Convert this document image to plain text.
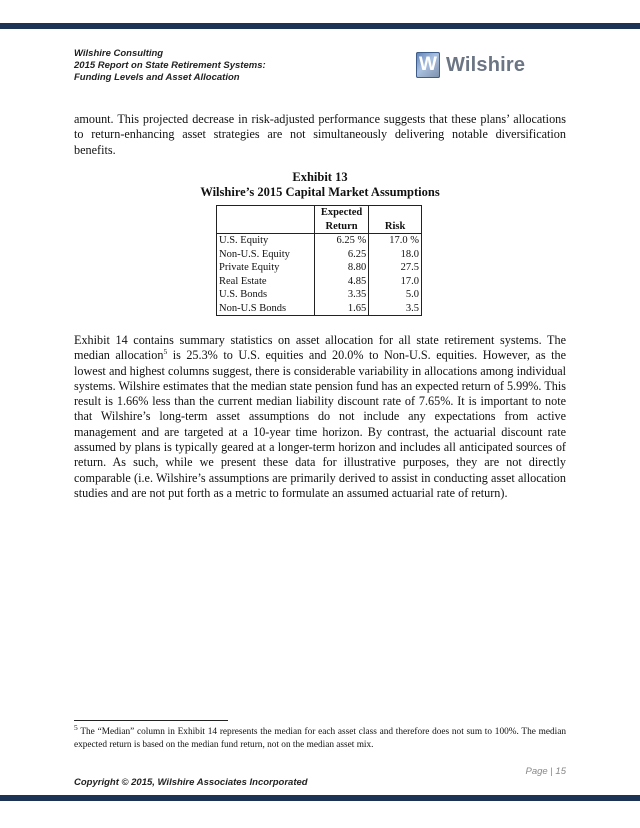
Wilshire Consulting
2015 Report on State Retirement Systems:
Funding Levels and Asset Allocation
W Wilshire

amount. This projected decrease in risk-adjusted performance suggests that these plans’ allocations to return-enhancing asset strategies are not simultaneously delivering notable diversification benefits.

Exhibit 13
Wilshire’s 2015 Capital Market Assumptions
	Expected	
	Return	Risk
U.S. Equity	6.25 %	17.0 %
Non-U.S. Equity	6.25	18.0
Private Equity	8.80	27.5
Real Estate	4.85	17.0
U.S. Bonds	3.35	5.0
Non-U.S Bonds	1.65	3.5

Exhibit 14 contains summary statistics on asset allocation for all state retirement systems. The median allocation$^5$ is 25.3% to U.S. equities and 20.0% to Non-U.S. equities. However, as the lowest and highest columns suggest, there is considerable variability in allocations among individual systems. Wilshire estimates that the median state pension fund has an expected return of 5.99%. This result is 1.66% less than the current median liability discount rate of 7.65%. It is important to note that Wilshire’s long-term asset assumptions do not include any expectations from active management and are targeted at a 10-year time horizon. By contrast, the actuarial discount rate assumed by plans is typically geared at a longer-term horizon and includes all anticipated sources of return. As such, while we present these data for illustrative purposes, they are not directly comparable (i.e. Wilshire’s assumptions are primarily derived to assist in conducting asset allocation studies and are not put forth as a metric to formulate an assumed actuarial rate of return).

$^5$ The “Median” column in Exhibit 14 represents the median for each asset class and therefore does not sum to 100%. The median expected return is based on the median fund return, not on the median asset mix.
Page | 15
Copyright © 2015, Wilshire Associates Incorporated
